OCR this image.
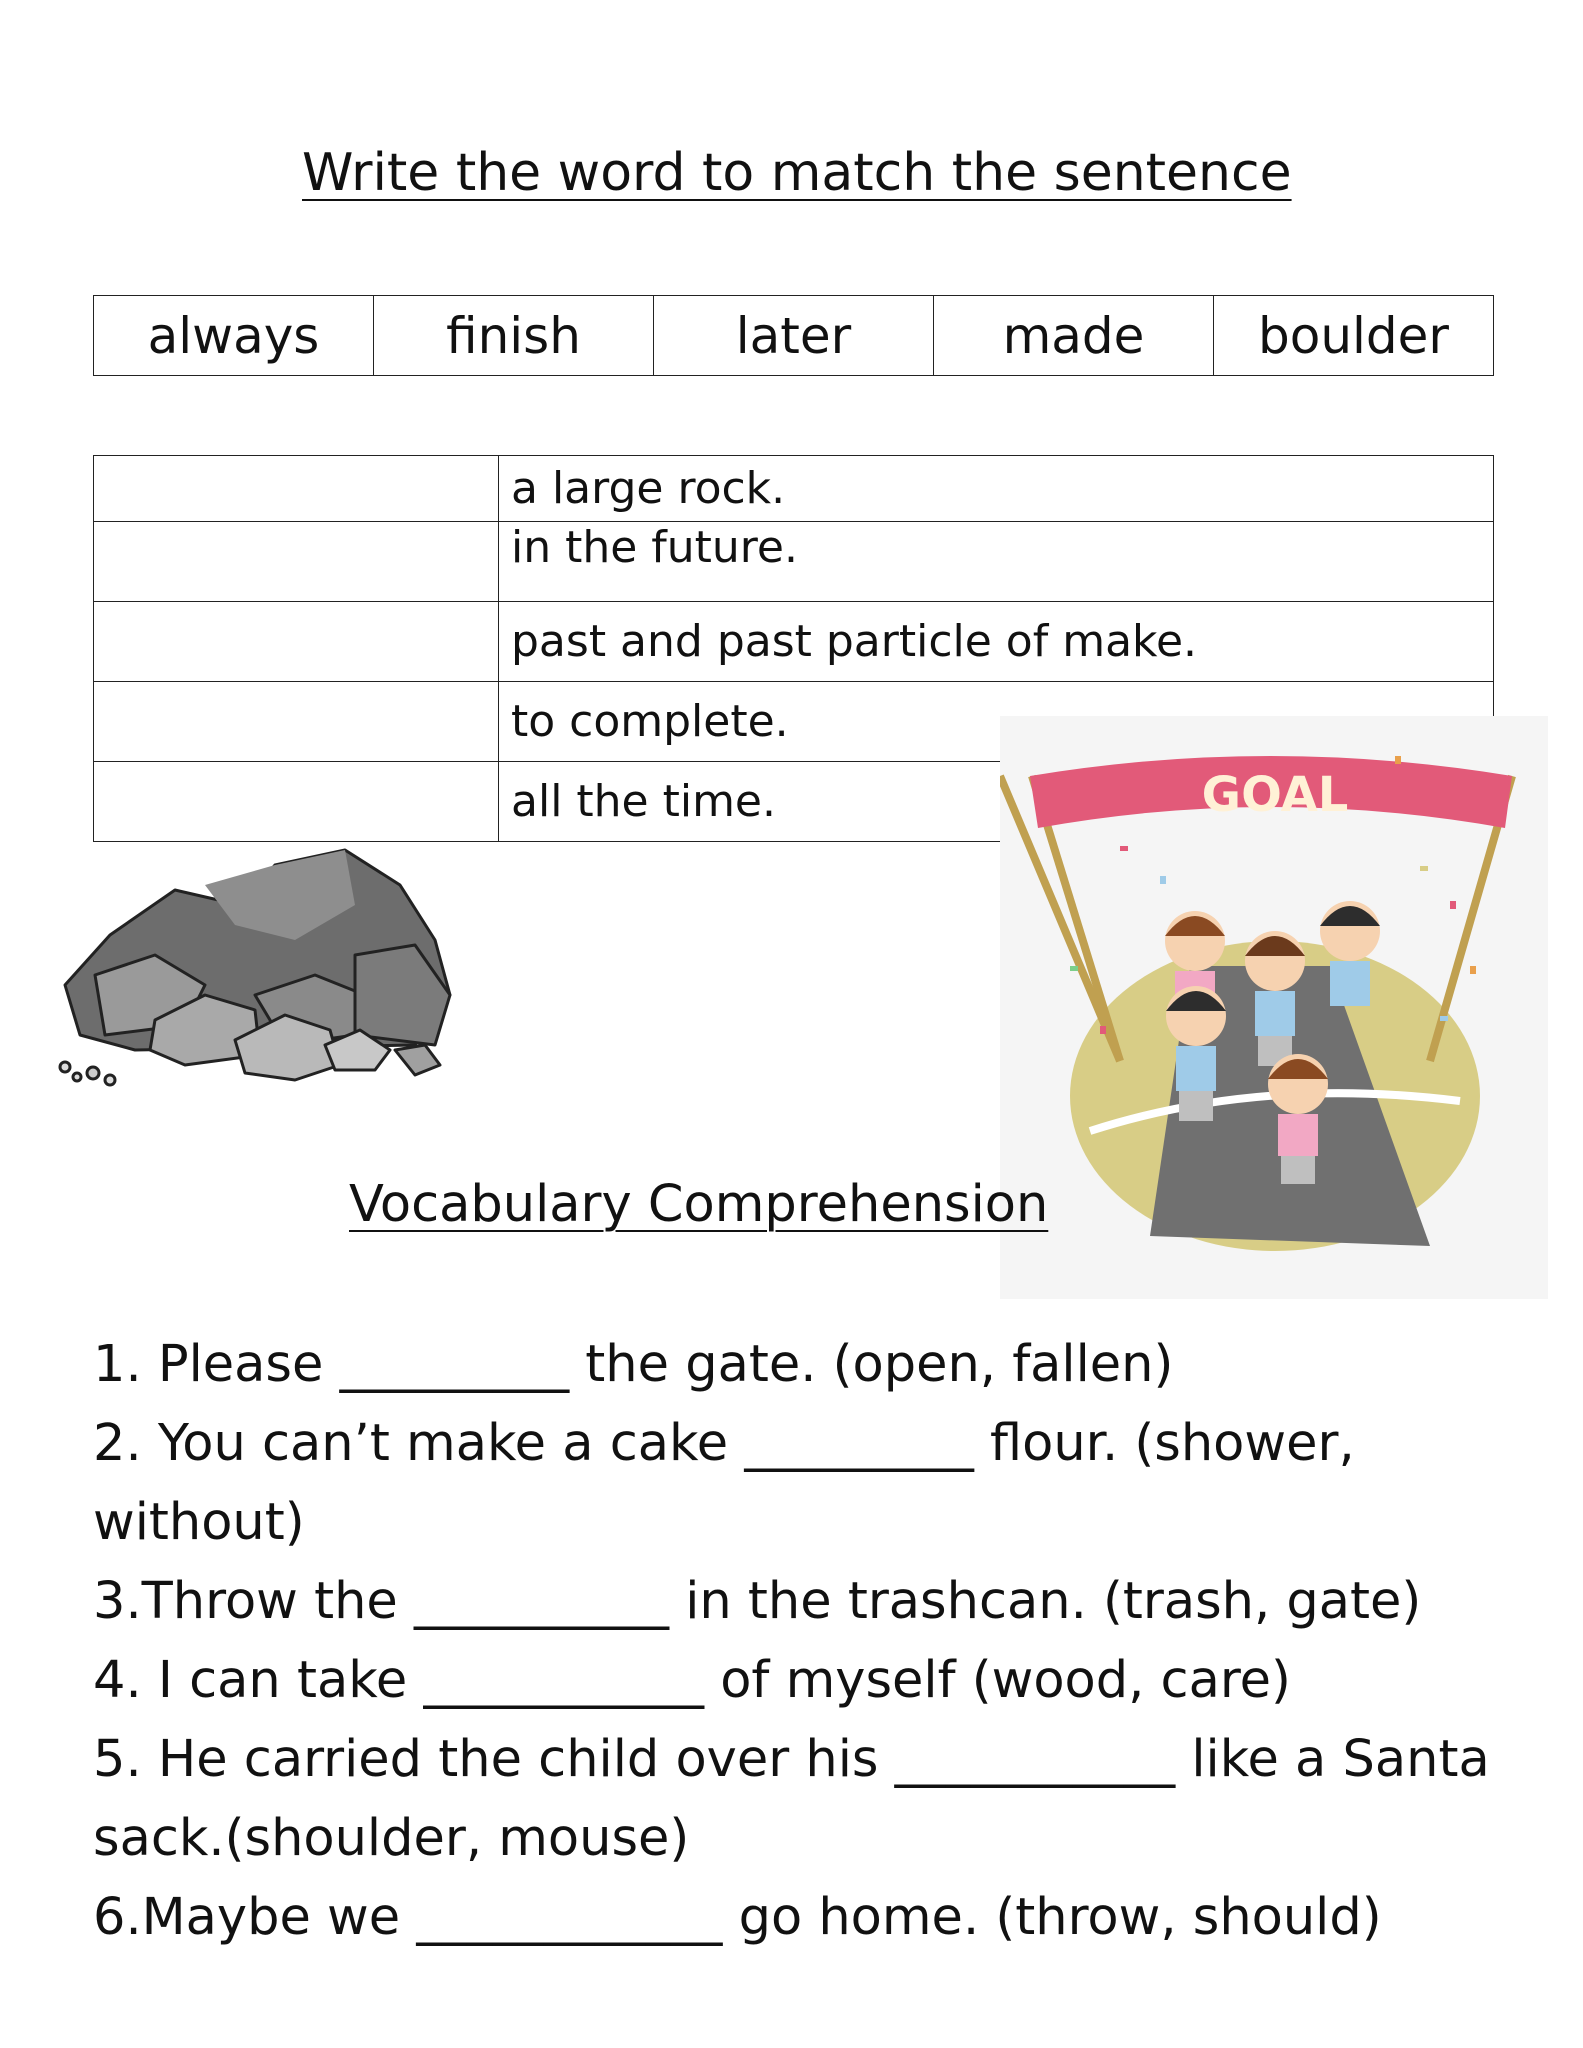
Write the word to match the sentence
always	finish	later	made	boulder
	a large rock.
	in the future.
	past and past particle of make.
	to complete.
	all the time.	GOAL
Vocabulary Comprehension
1. Please _________ the gate. (open, fallen)
2. You can’t make a cake _________ flour. (shower,
without)
3.Throw the __________ in the trashcan. (trash, gate)
4. I can take ___________ of myself (wood, care)
5. He carried the child over his ___________ like a Santa
sack.(shoulder, mouse)
6.Maybe we ____________ go home. (throw, should)
